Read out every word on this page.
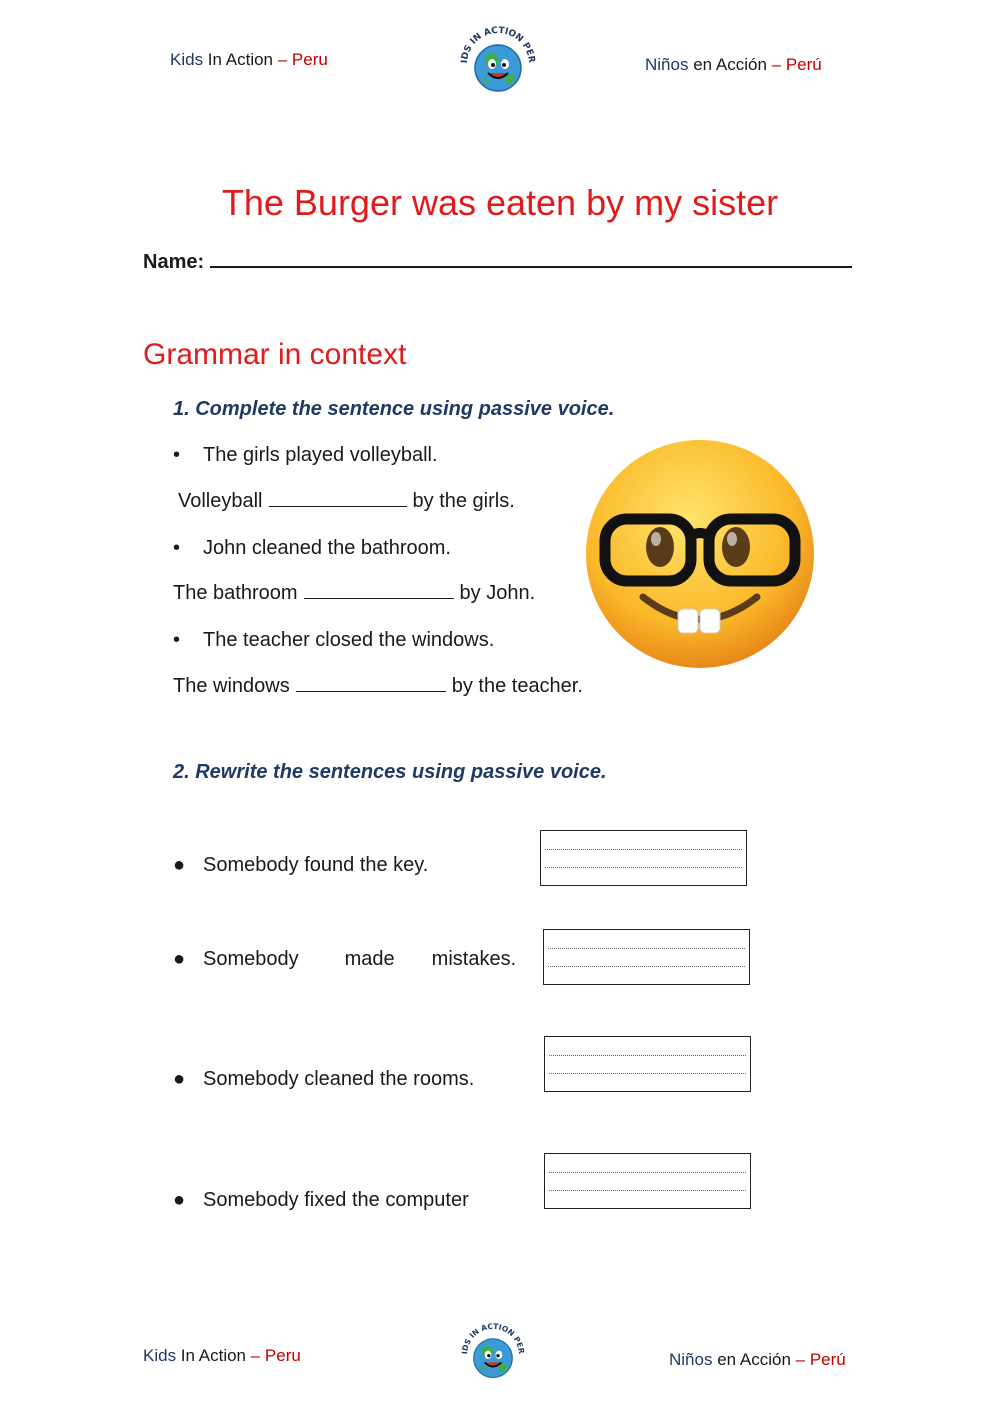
Kids In Action – Peru	IDS IN ACTION PER	Niños en Acción – Perú
The Burger was eaten by my sister
Name:
Grammar in context
1. Complete the sentence using passive voice.
• The girls played volleyball.
Volleyball	by the girls.
• John cleaned the bathroom.
The bathroom	by John.
• The teacher closed the windows.
The windows	by the teacher.
2. Rewrite the sentences using passive voice.
● Somebody found the key.
● Somebody made mistakes.
● Somebody cleaned the rooms.
● Somebody fixed the computer
Kids In Action – Peru	IDS IN ACTION PER	Niños en Acción – Perú
